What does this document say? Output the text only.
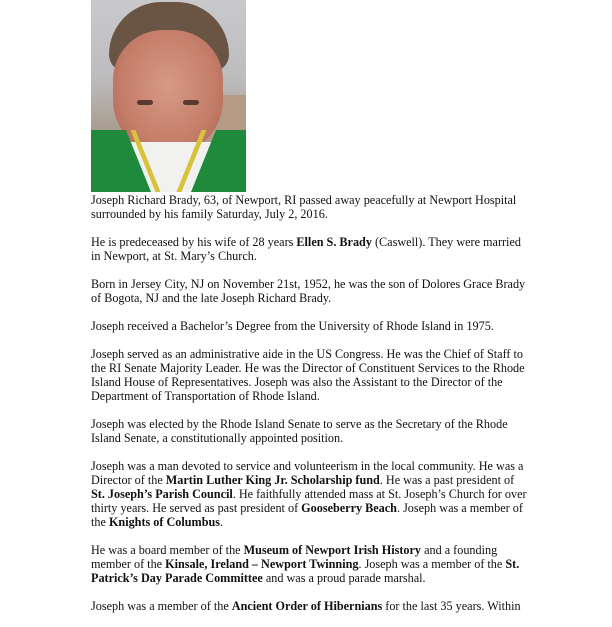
Joseph Richard Brady, 63, of Newport, RI passed away peacefully at Newport Hospital surrounded by his family Saturday, July 2, 2016.

He is predeceased by his wife of 28 years Ellen S. Brady (Caswell). They were married in Newport, at St. Mary’s Church.

Born in Jersey City, NJ on November 21st, 1952, he was the son of Dolores Grace Brady of Bogota, NJ and the late Joseph Richard Brady.

Joseph received a Bachelor’s Degree from the University of Rhode Island in 1975.

Joseph served as an administrative aide in the US Congress. He was the Chief of Staff to the RI Senate Majority Leader. He was the Director of Constituent Services to the Rhode Island House of Representatives. Joseph was also the Assistant to the Director of the Department of Transportation of Rhode Island.

Joseph was elected by the Rhode Island Senate to serve as the Secretary of the Rhode Island Senate, a constitutionally appointed position.

Joseph was a man devoted to service and volunteerism in the local community. He was a Director of the Martin Luther King Jr. Scholarship fund. He was a past president of St. Joseph’s Parish Council. He faithfully attended mass at St. Joseph’s Church for over thirty years. He served as past president of Gooseberry Beach. Joseph was a member of the Knights of Columbus.

He was a board member of the Museum of Newport Irish History and a founding member of the Kinsale, Ireland – Newport Twinning. Joseph was a member of the St. Patrick’s Day Parade Committee and was a proud parade marshal.

Joseph was a member of the Ancient Order of Hibernians for the last 35 years. Within
